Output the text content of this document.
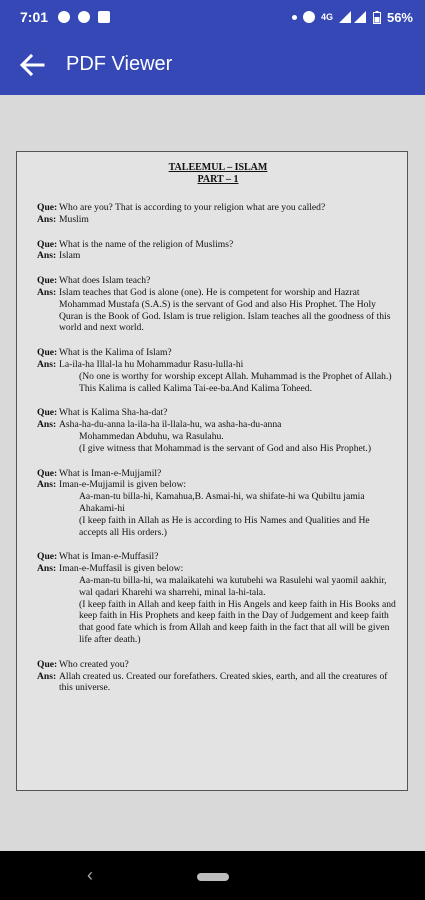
7:01	4G	56%
PDF Viewer
TALEEMUL – ISLAM
PART – 1
Que: Who are you? That is according to your religion what are you called?
Ans: Muslim
Que: What is the name of the religion of Muslims?
Ans: Islam
Que: What does Islam teach?
Ans: Islam teaches that God is alone (one). He is competent for worship and Hazrat Mohammad Mustafa (S.A.S) is the servant of God and also His Prophet. The Holy Quran is the Book of God. Islam is true religion. Islam teaches all the goodness of this world and next world.
Que: What is the Kalima of Islam?
Ans: La-ila-ha Illal-la hu Mohammadur Rasu-lulla-hi
(No one is worthy for worship except Allah. Muhammad is the Prophet of Allah.)
This Kalima is called Kalima Tai-ee-ba.And Kalima Toheed.
Que: What is Kalima Sha-ha-dat?
Ans: Asha-ha-du-anna la-ila-ha il-llala-hu, wa asha-ha-du-anna
Mohammedan Abduhu, wa Rasulahu.
(I give witness that Mohammad is the servant of God and also His Prophet.)
Que: What is Iman-e-Mujjamil?
Ans: Iman-e-Mujjamil is given below:
Aa-man-tu billa-hi, Kamahua,B. Asmai-hi, wa shifate-hi wa Qubiltu jamia Ahakami-hi
(I keep faith in Allah as He is according to His Names and Qualities and He accepts all His orders.)
Que: What is Iman-e-Muffasil?
Ans: Iman-e-Muffasil is given below:
Aa-man-tu billa-hi, wa malaikatehi wa kutubehi wa Rasulehi wal yaomil aakhir, wal qadari Kharehi wa sharrehi, minal la-hi-tala.
(I keep faith in Allah and keep faith in His Angels and keep faith in His Books and keep faith in His Prophets and keep faith in the Day of Judgement and keep faith that good fate which is from Allah and keep faith in the fact that all will be given life after death.)
Que: Who created you?
Ans: Allah created us. Created our forefathers. Created skies, earth, and all the creatures of this universe.
‹
